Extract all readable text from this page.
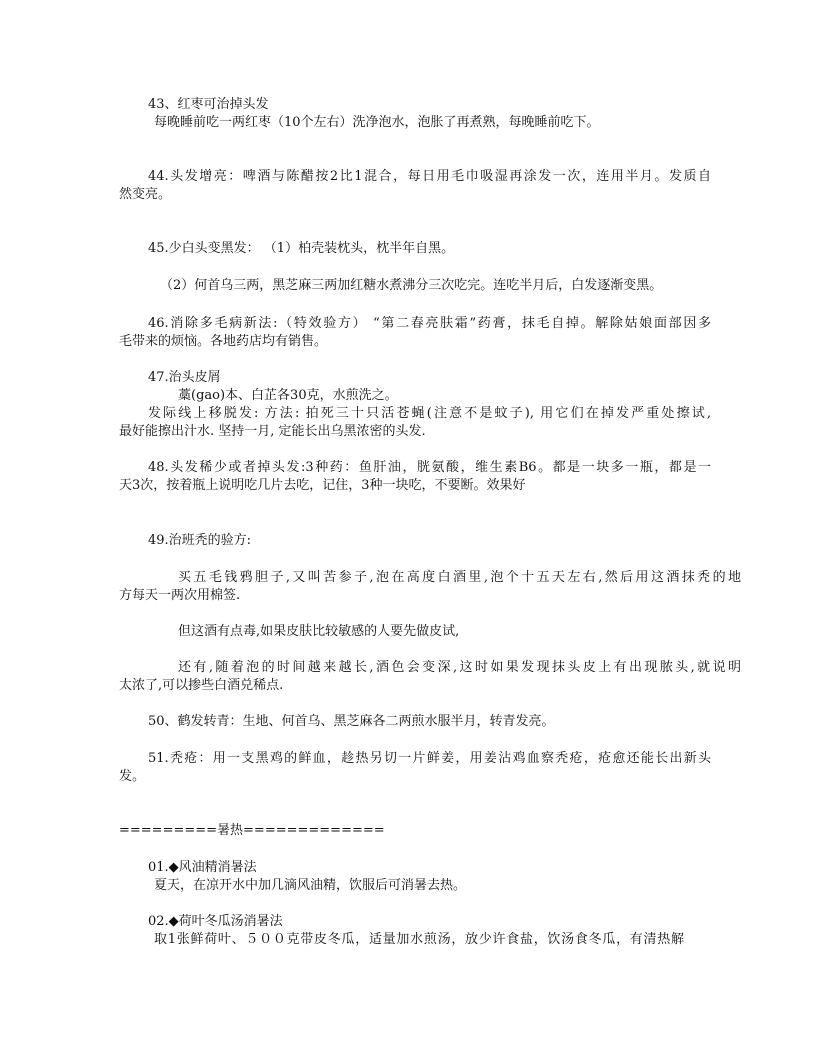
43、红枣可治掉头发
每晚睡前吃一两红枣（10个左右）洗净泡水，泡胀了再煮熟，每晚睡前吃下。
44.头发增亮：啤酒与陈醋按2比1混合，每日用毛巾吸湿再涂发一次，连用半月。发质自
然变亮。
45.少白头变黑发： （1）柏壳装枕头，枕半年自黑。
（2）何首乌三两，黑芝麻三两加红糖水煮沸分三次吃完。连吃半月后，白发逐渐变黑。
46.消除多毛病新法:（特效验方） “第二春亮肤霜”药膏，抹毛自掉。解除姑娘面部因多
毛带来的烦恼。各地药店均有销售。
47.治头皮屑
藁(gao)本、白芷各30克，水煎洗之。
发际线上移脱发: 方法: 拍死三十只活苍蝇(注意不是蚊子), 用它们在掉发严重处擦试,
最好能擦出汁水. 坚持一月, 定能长出乌黑浓密的头发.
48.头发稀少或者掉头发:3种药：鱼肝油，胱氨酸，维生素B6。都是一块多一瓶，都是一
天3次，按着瓶上说明吃几片去吃，记住，3种一块吃，不要断。效果好
49.治班秃的验方:
买五毛钱鸦胆子,又叫苦参子,泡在高度白酒里,泡个十五天左右,然后用这酒抹秃的地
方每天一两次用棉签.
但这酒有点毒,如果皮肤比较敏感的人要先做皮试,
还有,随着泡的时间越来越长,酒色会变深,这时如果发现抹头皮上有出现脓头,就说明
太浓了,可以掺些白酒兑稀点.
50、鹤发转青：生地、何首乌、黑芝麻各二两煎水服半月，转青发亮。
51.秃疮：用一支黑鸡的鲜血，趁热另切一片鲜姜，用姜沾鸡血察秃疮，疮愈还能长出新头
发。
=========暑热=============
01.◆风油精消暑法
夏天，在凉开水中加几滴风油精，饮服后可消暑去热。
02.◆荷叶冬瓜汤消暑法
取1张鲜荷叶、５００克带皮冬瓜，适量加水煎汤，放少许食盐，饮汤食冬瓜，有清热解
